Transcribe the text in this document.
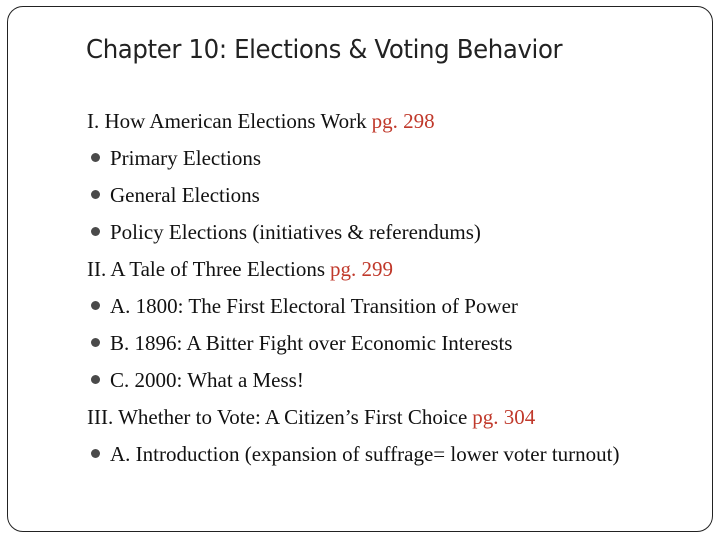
Chapter 10: Elections & Voting Behavior
I. How American Elections Work pg. 298
Primary Elections
General Elections
Policy Elections (initiatives & referendums)
II. A Tale of Three Elections pg. 299
A. 1800: The First Electoral Transition of Power
B. 1896: A Bitter Fight over Economic Interests
C. 2000: What a Mess!
III. Whether to Vote: A Citizen’s First Choice pg. 304
A. Introduction (expansion of suffrage= lower voter turnout)
